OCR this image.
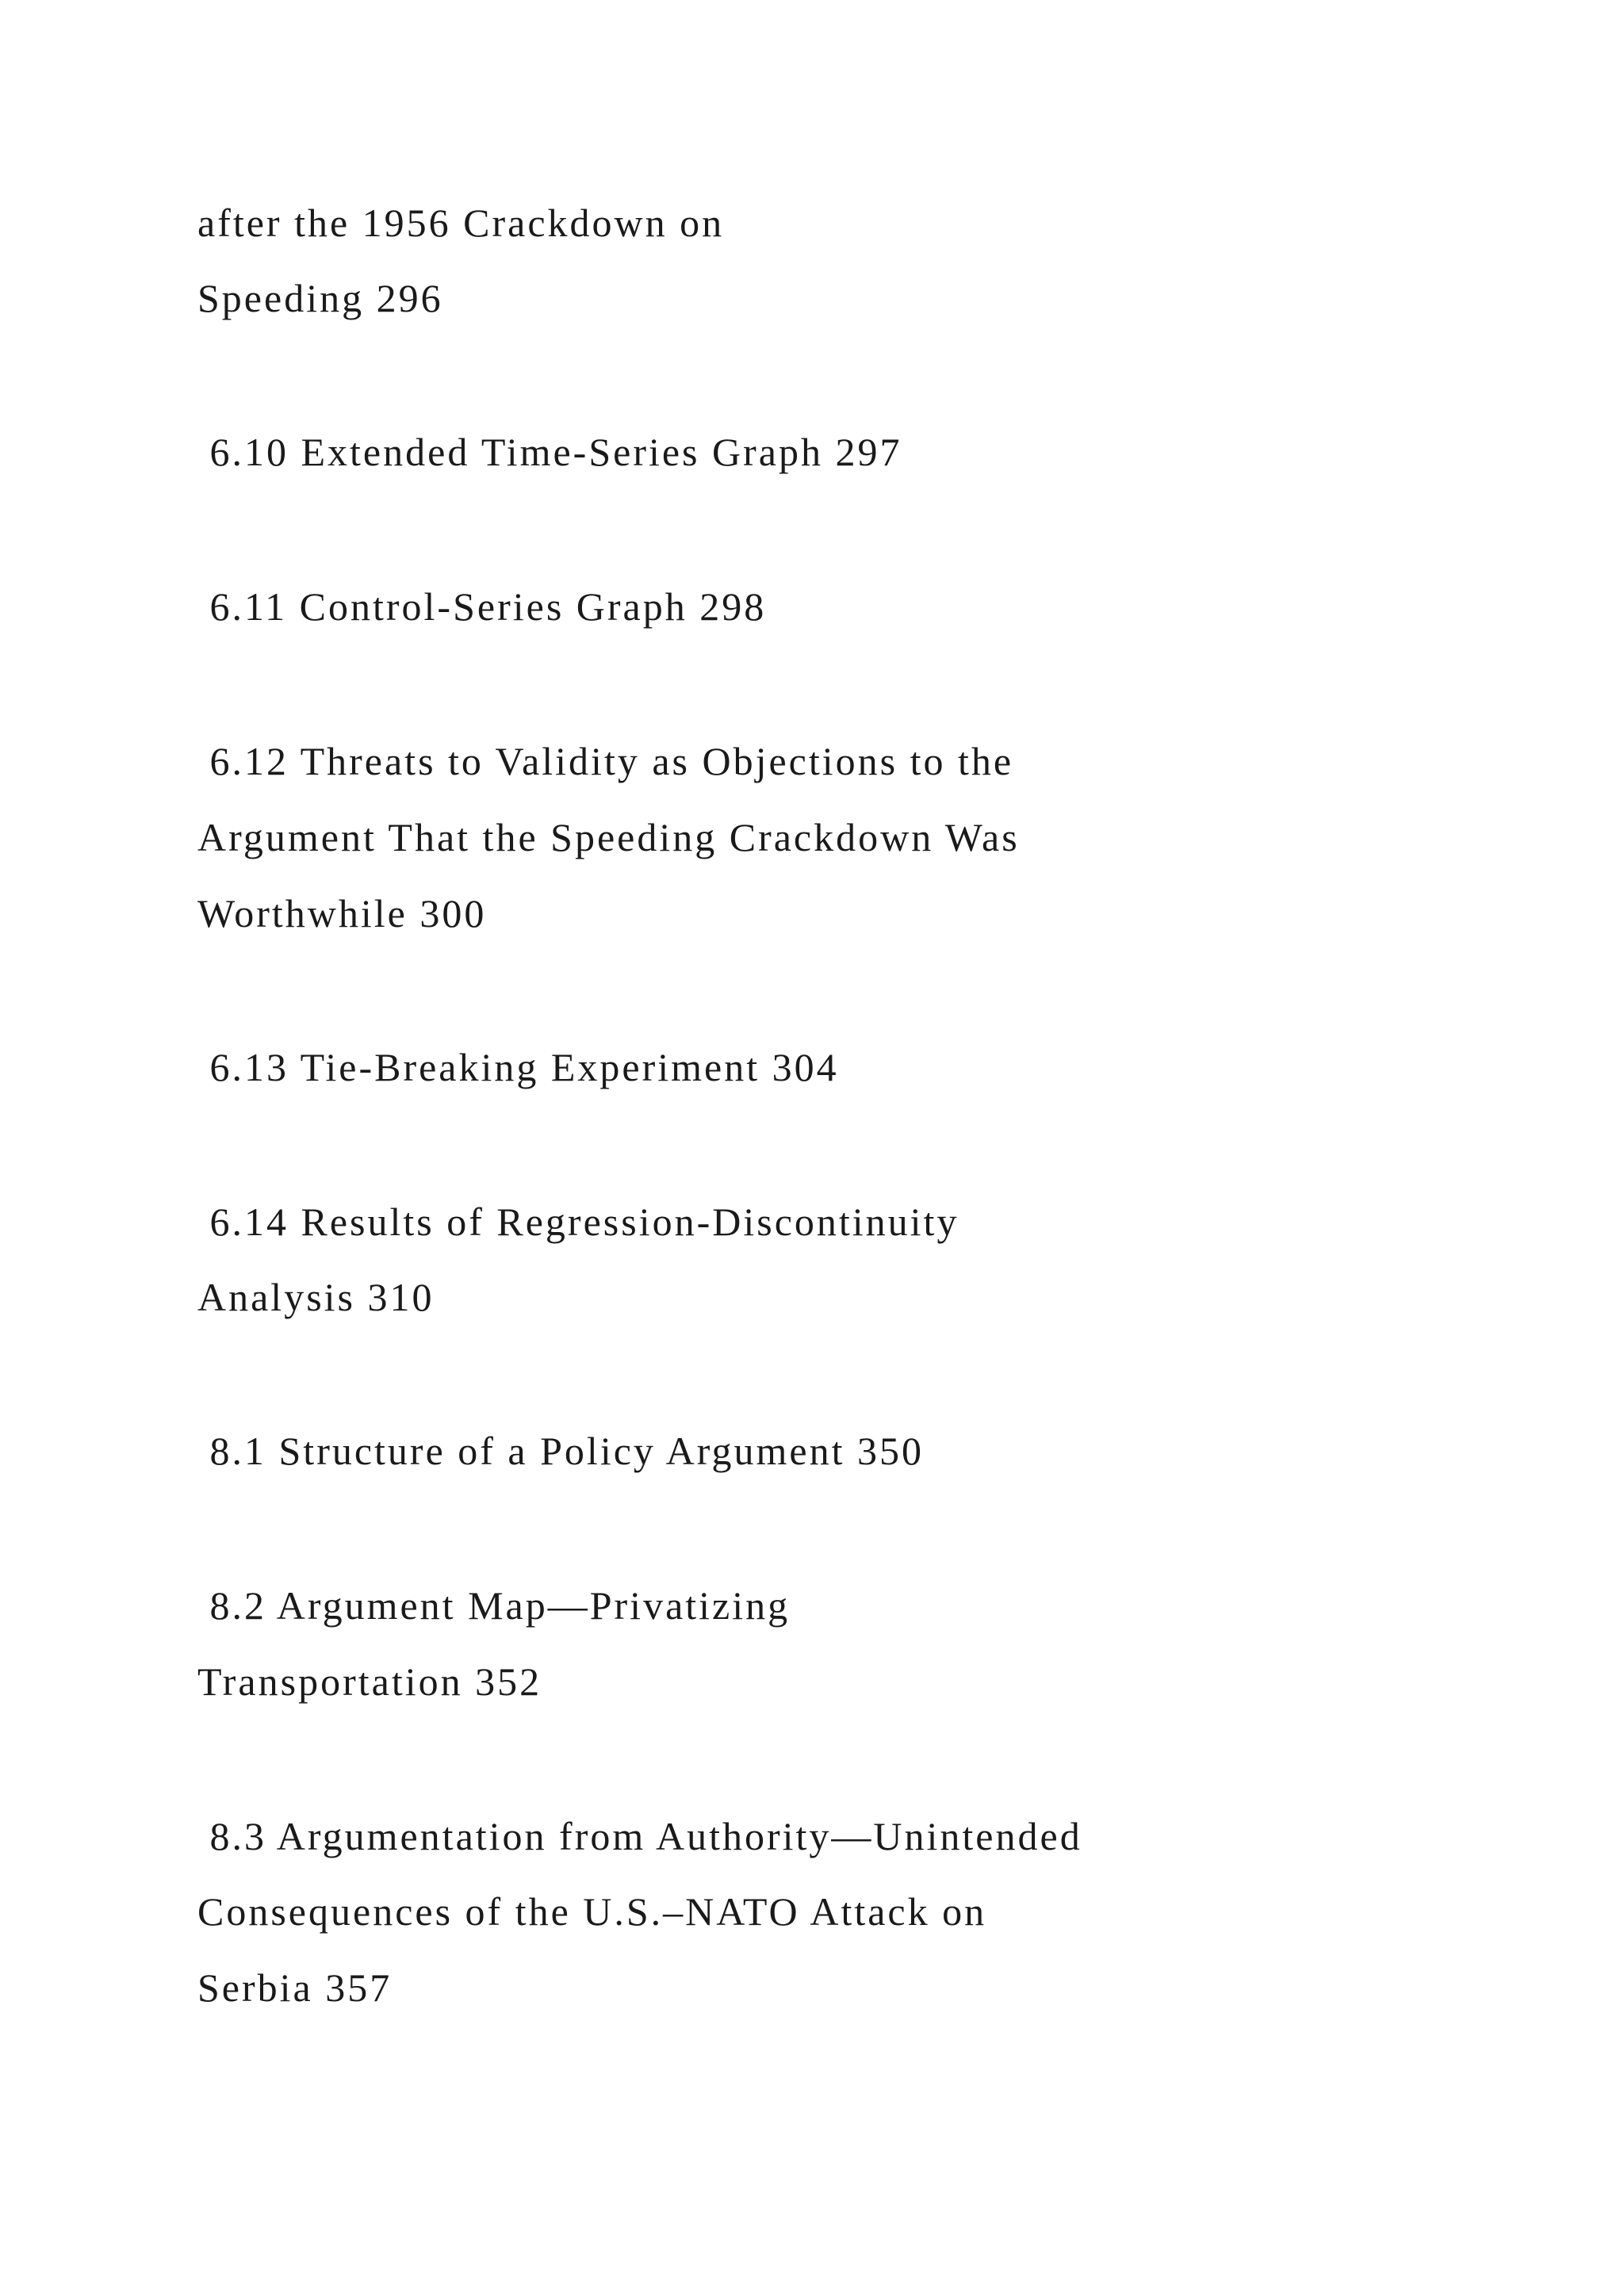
after the 1956 Crackdown on

Speeding 296

6.10 Extended Time-Series Graph 297

6.11 Control-Series Graph 298

6.12 Threats to Validity as Objections to the

Argument That the Speeding Crackdown Was

Worthwhile 300

6.13 Tie-Breaking Experiment 304

6.14 Results of Regression-Discontinuity

Analysis 310

8.1 Structure of a Policy Argument 350

8.2 Argument Map—Privatizing

Transportation 352

8.3 Argumentation from Authority—Unintended

Consequences of the U.S.–NATO Attack on

Serbia 357
